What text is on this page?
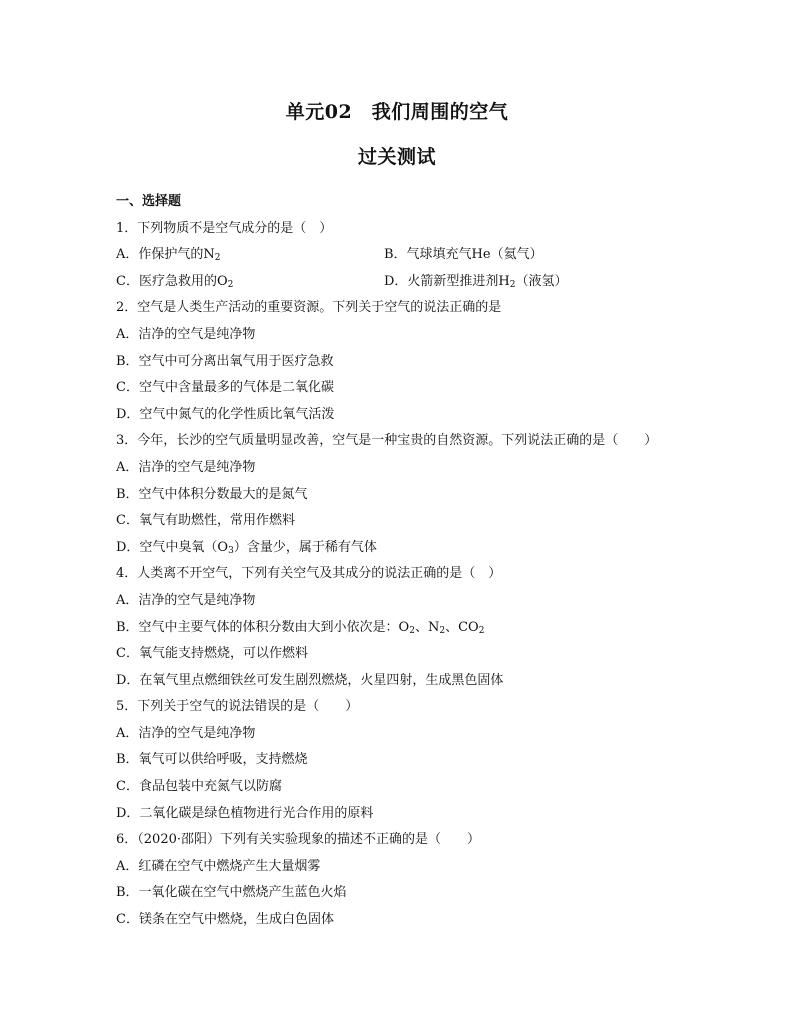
单元02　我们周围的空气
过关测试
一、选择题
1．下列物质不是空气成分的是（　）
A．作保护气的$N_2$	B．气球填充气He（氦气）
C．医疗急救用的$O_2$	D．火箭新型推进剂$H_2$（液氢）
2．空气是人类生产活动的重要资源。下列关于空气的说法正确的是
A．洁净的空气是纯净物
B．空气中可分离出氧气用于医疗急救
C．空气中含量最多的气体是二氧化碳
D．空气中氮气的化学性质比氧气活泼
3．今年，长沙的空气质量明显改善，空气是一种宝贵的自然资源。下列说法正确的是（　　）
A．洁净的空气是纯净物
B．空气中体积分数最大的是氮气
C．氧气有助燃性，常用作燃料
D．空气中臭氧$(O_3)$含量少，属于稀有气体
4．人类离不开空气，下列有关空气及其成分的说法正确的是（　）
A．洁净的空气是纯净物
B．空气中主要气体的体积分数由大到小依次是：$O_2$、$N_2$、$CO_2$
C．氧气能支持燃烧，可以作燃料
D．在氧气里点燃细铁丝可发生剧烈燃烧，火星四射，生成黑色固体
5．下列关于空气的说法错误的是（　　）
A．洁净的空气是纯净物
B．氧气可以供给呼吸，支持燃烧
C．食品包装中充氮气以防腐
D．二氧化碳是绿色植物进行光合作用的原料
6．（2020·邵阳）下列有关实验现象的描述不正确的是（　　）
A．红磷在空气中燃烧产生大量烟雾
B．一氧化碳在空气中燃烧产生蓝色火焰
C．镁条在空气中燃烧，生成白色固体
